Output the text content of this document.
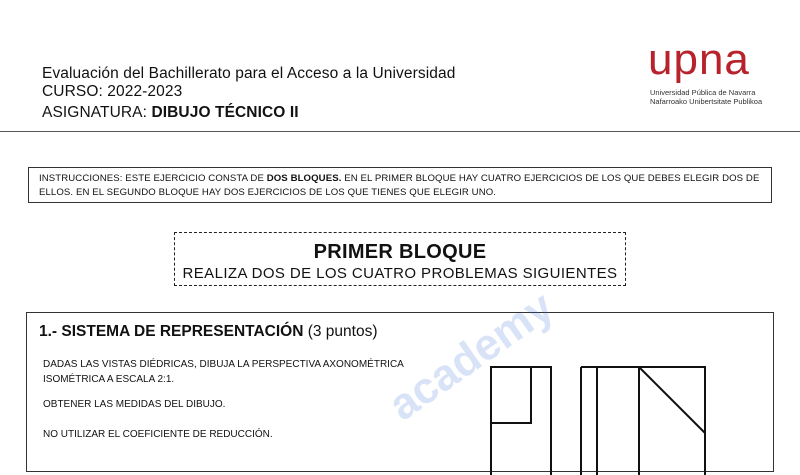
Evaluación del Bachillerato para el Acceso a la Universidad
CURSO: 2022-2023
ASIGNATURA: DIBUJO TÉCNICO II
upna
Universidad Pública de Navarra
Nafarroako Unibertsitate Publikoa
INSTRUCCIONES: ESTE EJERCICIO CONSTA DE DOS BLOQUES. EN EL PRIMER BLOQUE HAY CUATRO EJERCICIOS DE LOS QUE DEBES ELEGIR DOS DE ELLOS. EN EL SEGUNDO BLOQUE HAY DOS EJERCICIOS DE LOS QUE TIENES QUE ELEGIR UNO.
PRIMER BLOQUE
REALIZA DOS DE LOS CUATRO PROBLEMAS SIGUIENTES
1.- SISTEMA DE REPRESENTACIÓN (3 puntos)
DADAS LAS VISTAS DIÉDRICAS, DIBUJA LA PERSPECTIVA AXONOMÉTRICA ISOMÉTRICA A ESCALA 2:1.
OBTENER LAS MEDIDAS DEL DIBUJO.
NO UTILIZAR EL COEFICIENTE DE REDUCCIÓN.
academy
